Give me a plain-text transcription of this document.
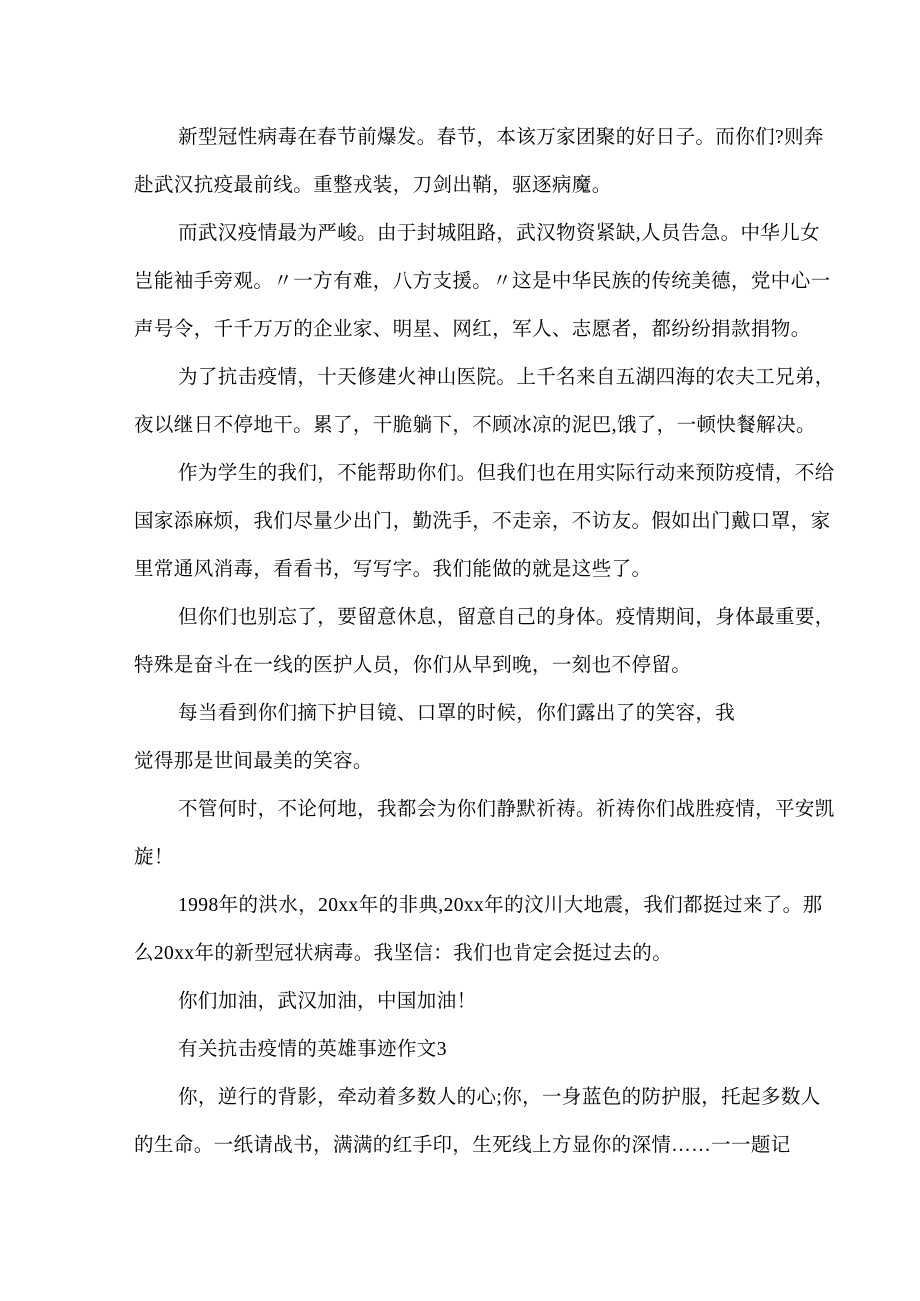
新型冠性病毒在春节前爆发。春节，本该万家团聚的好日子。而你们?则奔
赴武汉抗疫最前线。重整戎装，刀剑出鞘，驱逐病魔。
而武汉疫情最为严峻。由于封城阻路，武汉物资紧缺,人员告急。中华儿女
岂能袖手旁观。〃一方有难，八方支援。〃这是中华民族的传统美德，党中心一
声号令，千千万万的企业家、明星、网红，军人、志愿者，都纷纷捐款捐物。
为了抗击疫情，十天修建火神山医院。上千名来自五湖四海的农夫工兄弟，
夜以继日不停地干。累了，干脆躺下，不顾冰凉的泥巴,饿了，一顿快餐解决。
作为学生的我们，不能帮助你们。但我们也在用实际行动来预防疫情，不给
国家添麻烦，我们尽量少出门，勤洗手，不走亲，不访友。假如出门戴口罩，家
里常通风消毒，看看书，写写字。我们能做的就是这些了。
但你们也别忘了，要留意休息，留意自己的身体。疫情期间，身体最重要，
特殊是奋斗在一线的医护人员，你们从早到晚，一刻也不停留。
每当看到你们摘下护目镜、口罩的时候，你们露出了的笑容，我
觉得那是世间最美的笑容。
不管何时，不论何地，我都会为你们静默祈祷。祈祷你们战胜疫情，平安凯
旋！
1998年的洪水，20xx年的非典,20xx年的汶川大地震，我们都挺过来了。那
么20xx年的新型冠状病毒。我坚信：我们也肯定会挺过去的。
你们加油，武汉加油，中国加油！
有关抗击疫情的英雄事迹作文3
你，逆行的背影，牵动着多数人的心;你，一身蓝色的防护服，托起多数人
的生命。一纸请战书，满满的红手印，生死线上方显你的深情……一一题记
